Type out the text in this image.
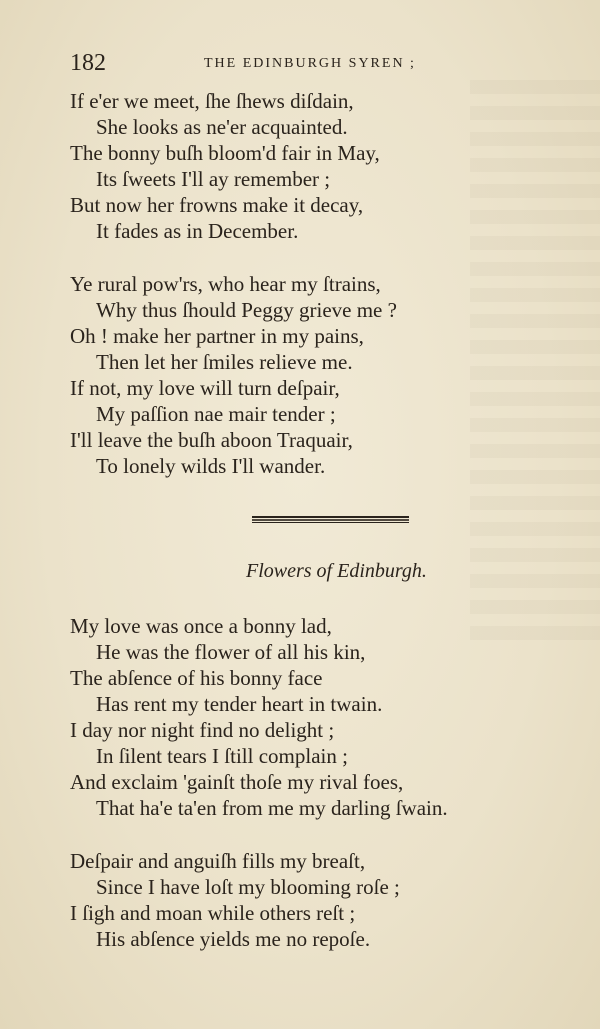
182	THE EDINBURGH SYREN ;
If e'er we meet, ſhe ſhews diſdain,
She looks as ne'er acquainted.
The bonny buſh bloom'd fair in May,
Its ſweets I'll ay remember ;
But now her frowns make it decay,
It fades as in December.
Ye rural pow'rs, who hear my ſtrains,
Why thus ſhould Peggy grieve me ?
Oh ! make her partner in my pains,
Then let her ſmiles relieve me.
If not, my love will turn deſpair,
My paſſion nae mair tender ;
I'll leave the buſh aboon Traquair,
To lonely wilds I'll wander.
Flowers of Edinburgh.
My love was once a bonny lad,
He was the flower of all his kin,
The abſence of his bonny face
Has rent my tender heart in twain.
I day nor night find no delight ;
In ſilent tears I ſtill complain ;
And exclaim 'gainſt thoſe my rival foes,
That ha'e ta'en from me my darling ſwain.
Deſpair and anguiſh fills my breaſt,
Since I have loſt my blooming roſe ;
I ſigh and moan while others reſt ;
His abſence yields me no repoſe.
